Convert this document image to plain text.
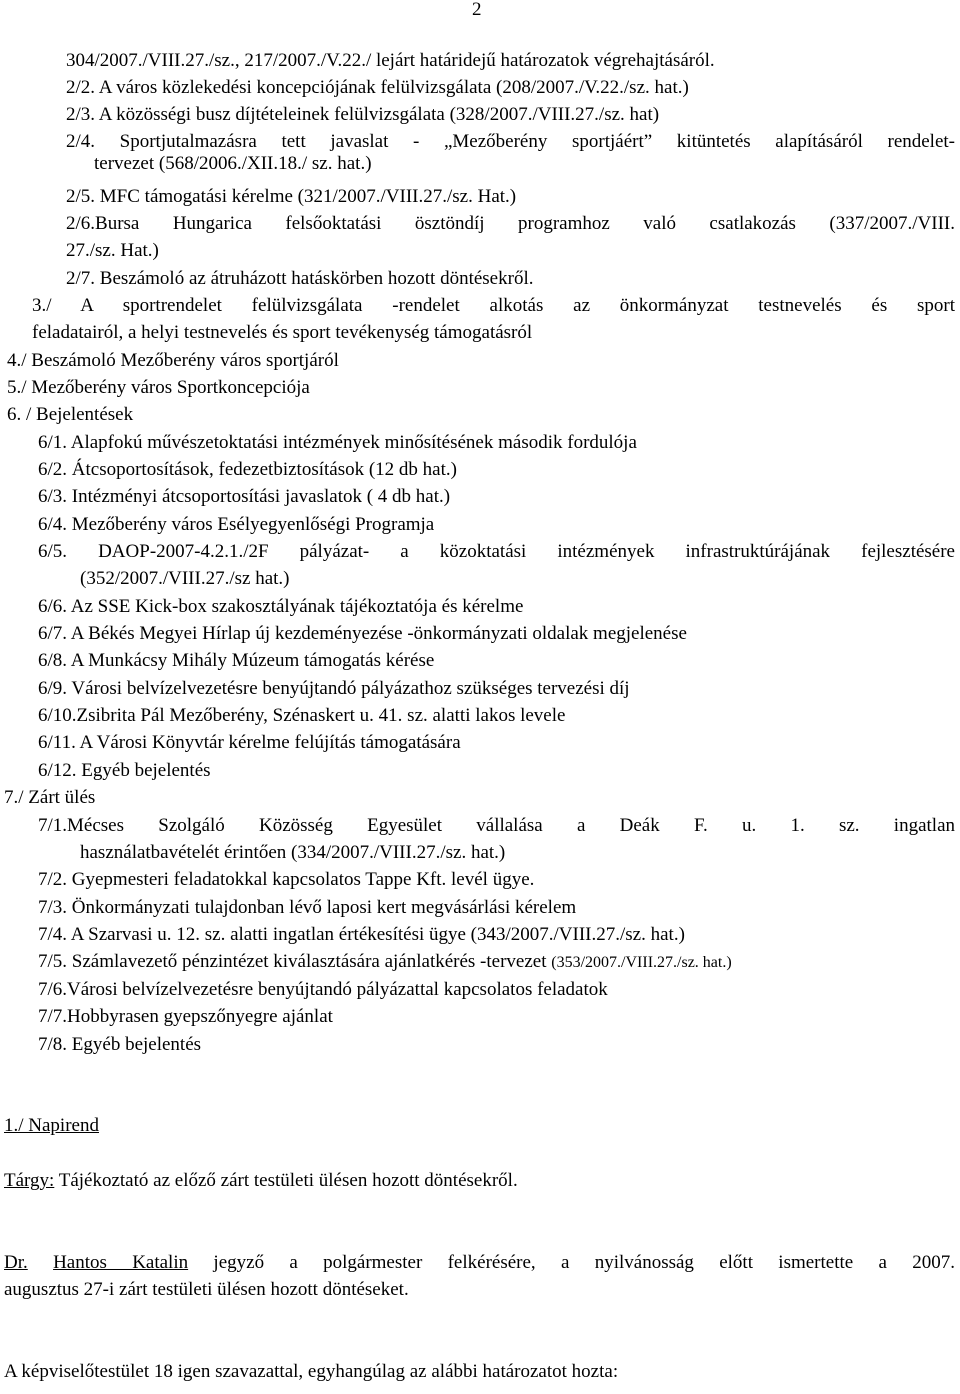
2
304/2007./VIII.27./sz., 217/2007./V.22./ lejárt határidejű határozatok végrehajtásáról.
2/2. A város közlekedési koncepciójának felülvizsgálata (208/2007./V.22./sz. hat.)
2/3. A közösségi busz díjtételeinek felülvizsgálata (328/2007./VIII.27./sz. hat)
2/4. Sportjutalmazásra tett javaslat - „Mezőberény sportjáért” kitüntetés alapításáról rendelet-
tervezet (568/2006./XII.18./ sz. hat.)
2/5. MFC támogatási kérelme (321/2007./VIII.27./sz. Hat.)
2/6.Bursa Hungarica felsőoktatási ösztöndíj programhoz való csatlakozás (337/2007./VIII.
27./sz. Hat.)
2/7. Beszámoló az átruházott hatáskörben hozott döntésekről.
3./ A sportrendelet felülvizsgálata -rendelet alkotás az önkormányzat testnevelés és sport
feladatairól, a helyi testnevelés és sport tevékenység támogatásról
4./ Beszámoló Mezőberény város sportjáról
5./ Mezőberény város Sportkoncepciója
6. / Bejelentések
6/1. Alapfokú művészetoktatási intézmények minősítésének második fordulója
6/2. Átcsoportosítások, fedezetbiztosítások (12 db hat.)
6/3. Intézményi átcsoportosítási javaslatok ( 4 db hat.)
6/4. Mezőberény város Esélyegyenlőségi Programja
6/5. DAOP-2007-4.2.1./2F pályázat- a közoktatási intézmények infrastruktúrájának fejlesztésére
(352/2007./VIII.27./sz hat.)
6/6. Az SSE Kick-box szakosztályának tájékoztatója és kérelme
6/7. A Békés Megyei Hírlap új kezdeményezése -önkormányzati oldalak megjelenése
6/8. A Munkácsy Mihály Múzeum támogatás kérése
6/9. Városi belvízelvezetésre benyújtandó pályázathoz szükséges tervezési díj
6/10.Zsibrita Pál Mezőberény, Szénaskert u. 41. sz. alatti lakos levele
6/11. A Városi Könyvtár kérelme felújítás támogatására
6/12. Egyéb bejelentés
7./ Zárt ülés
7/1.Mécses Szolgáló Közösség Egyesület vállalása a Deák F. u. 1. sz. ingatlan
használatbavételét érintően (334/2007./VIII.27./sz. hat.)
7/2. Gyepmesteri feladatokkal kapcsolatos Tappe Kft. levél ügye.
7/3. Önkormányzati tulajdonban lévő laposi kert megvásárlási kérelem
7/4. A Szarvasi u. 12. sz. alatti ingatlan értékesítési ügye (343/2007./VIII.27./sz. hat.)
7/5. Számlavezető pénzintézet kiválasztására ajánlatkérés -tervezet (353/2007./VIII.27./sz. hat.)
7/6.Városi belvízelvezetésre benyújtandó pályázattal kapcsolatos feladatok
7/7.Hobbyrasen gyepszőnyegre ajánlat
7/8. Egyéb bejelentés
1./ Napirend
Tárgy: Tájékoztató az előző zárt testületi ülésen hozott döntésekről.
Dr. Hantos Katalin jegyző a polgármester felkérésére, a nyilvánosság előtt ismertette a 2007.
augusztus 27-i zárt testületi ülésen hozott döntéseket.
A képviselőtestület 18 igen szavazattal, egyhangúlag az alábbi határozatot hozta:
